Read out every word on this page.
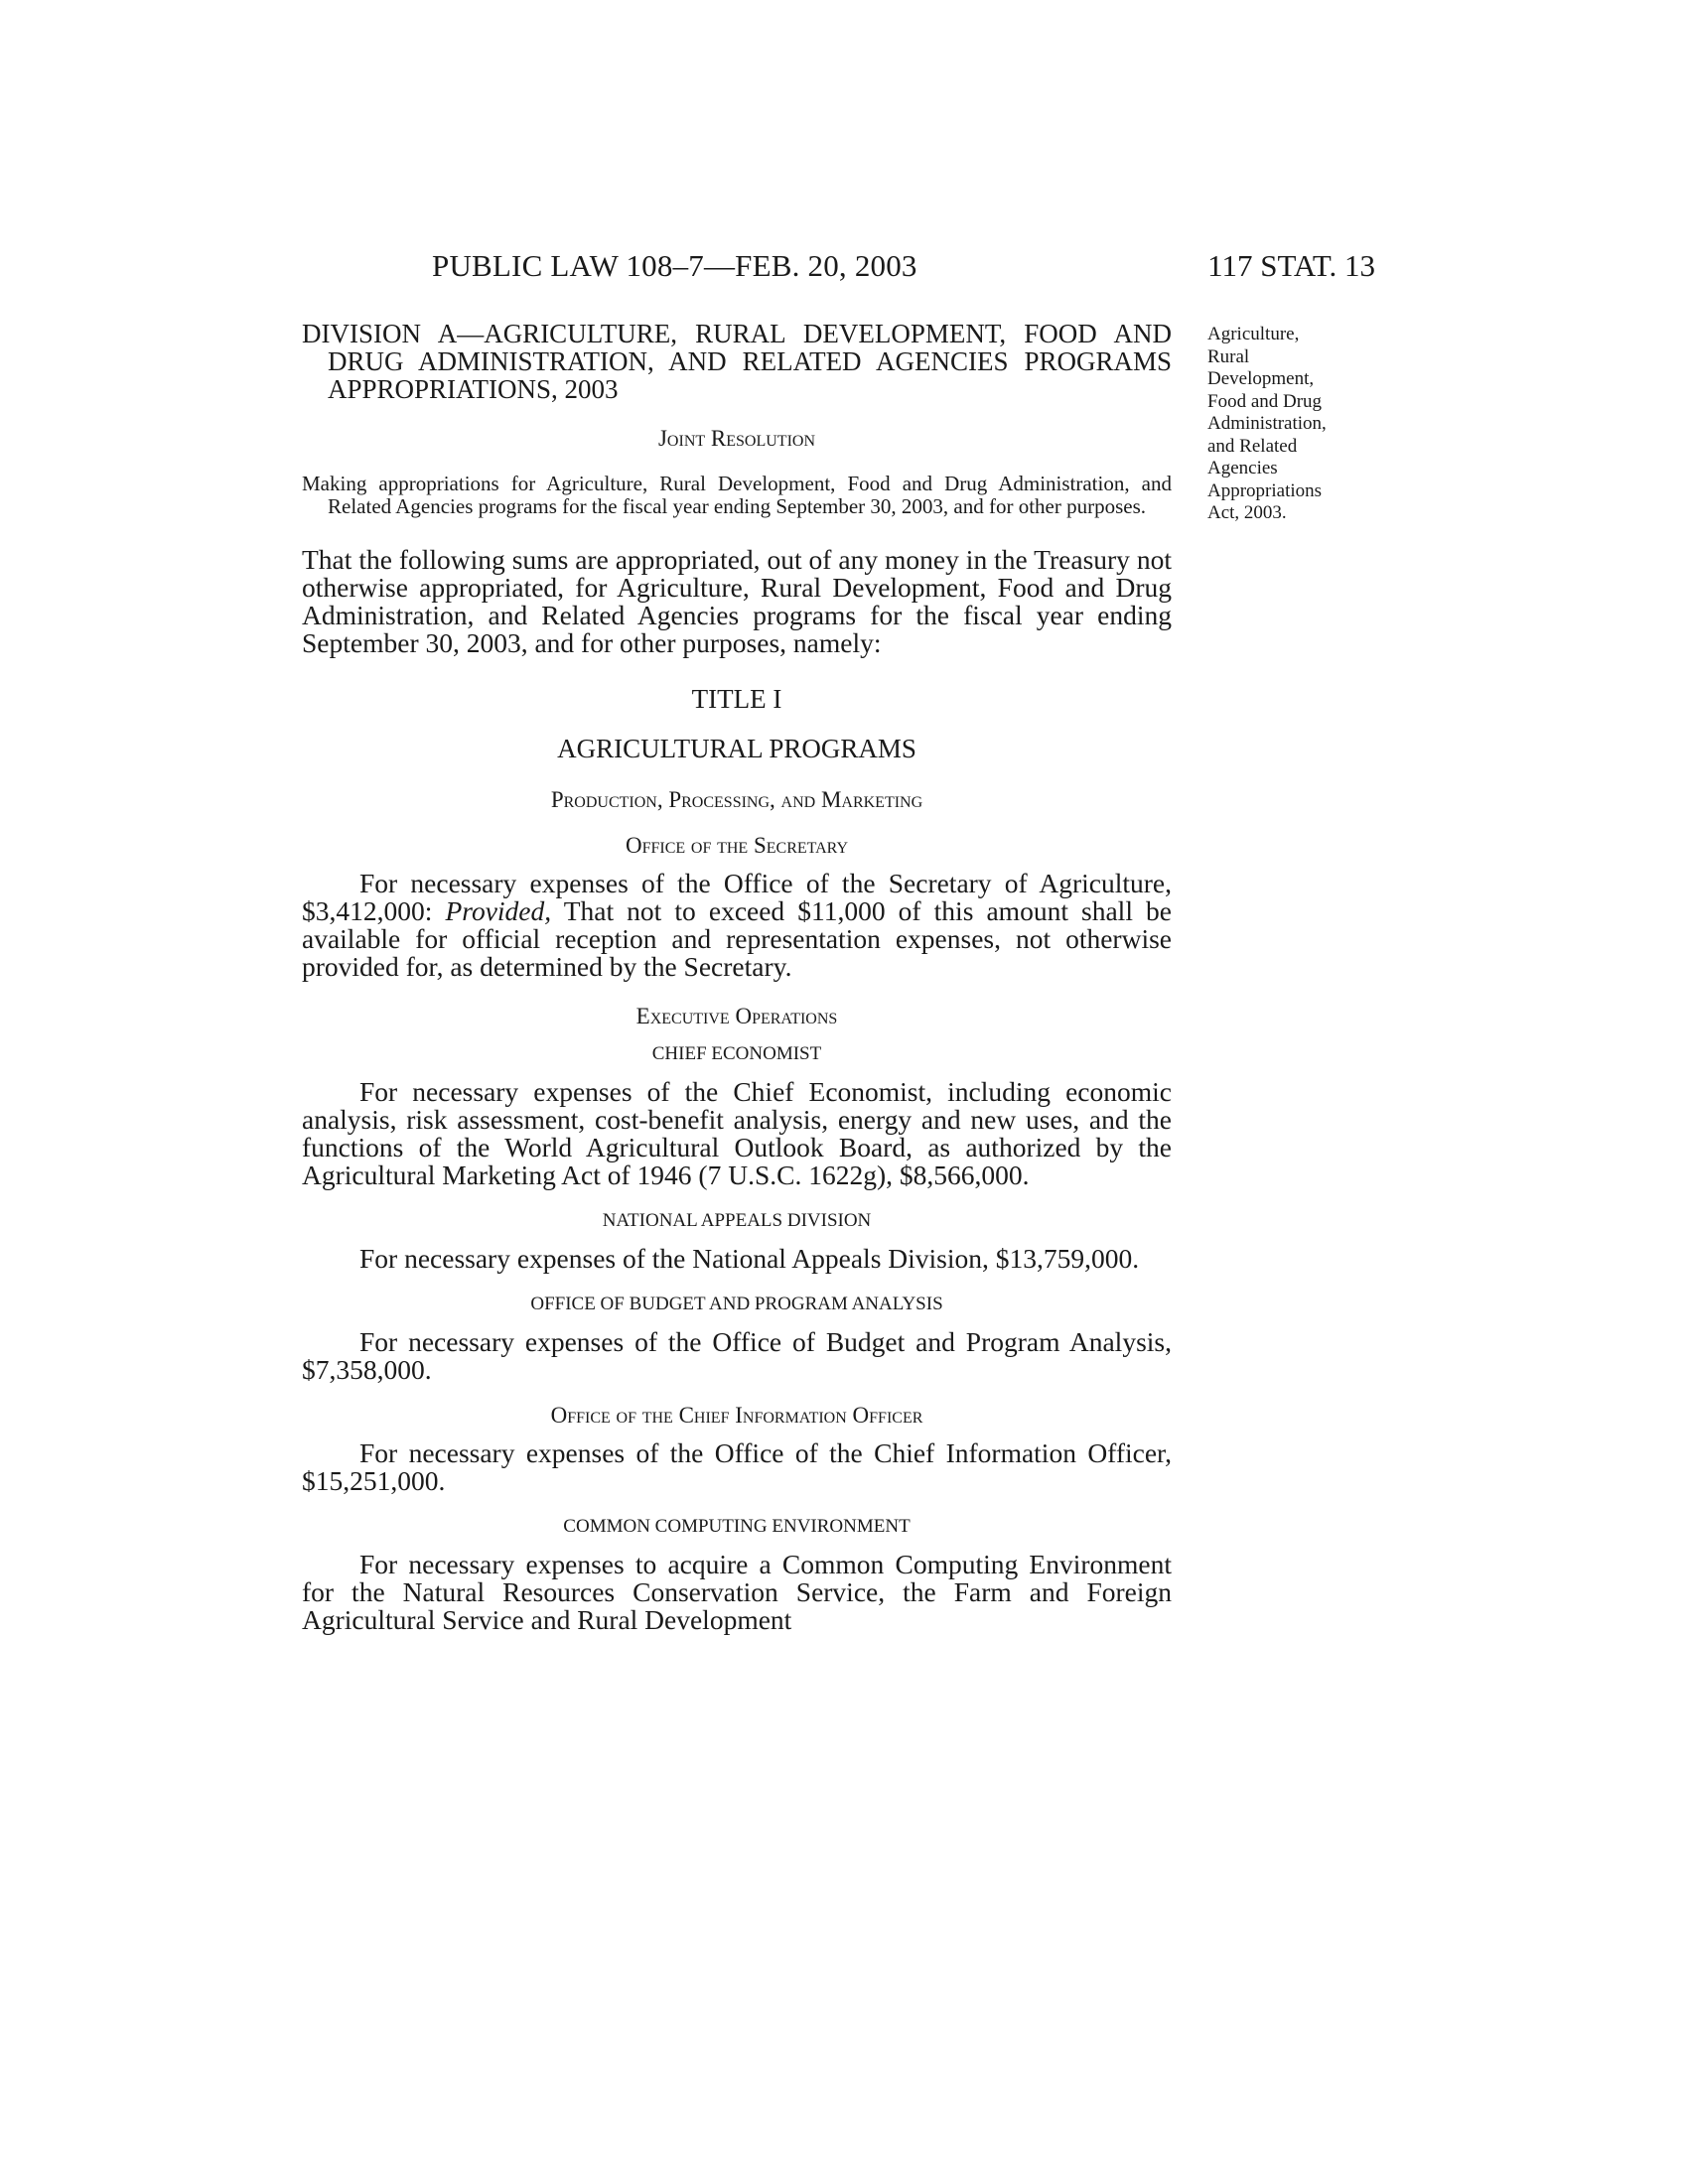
PUBLIC LAW 108–7—FEB. 20, 2003	117 STAT. 13
Agriculture,
Rural
Development,
Food and Drug
Administration,
and Related
Agencies
Appropriations
Act, 2003.

DIVISION A—AGRICULTURE, RURAL DEVELOPMENT, FOOD AND DRUG ADMINISTRATION, AND RELATED AGENCIES PROGRAMS APPROPRIATIONS, 2003

Joint Resolution

Making appropriations for Agriculture, Rural Development, Food and Drug Administration, and Related Agencies programs for the fiscal year ending September 30, 2003, and for other purposes.

That the following sums are appropriated, out of any money in the Treasury not otherwise appropriated, for Agriculture, Rural Development, Food and Drug Administration, and Related Agencies programs for the fiscal year ending September 30, 2003, and for other purposes, namely:

TITLE I

AGRICULTURAL PROGRAMS

Production, Processing, and Marketing

Office of the Secretary

For necessary expenses of the Office of the Secretary of Agriculture, $3,412,000: Provided, That not to exceed $11,000 of this amount shall be available for official reception and representation expenses, not otherwise provided for, as determined by the Secretary.

Executive Operations

CHIEF ECONOMIST

For necessary expenses of the Chief Economist, including economic analysis, risk assessment, cost-benefit analysis, energy and new uses, and the functions of the World Agricultural Outlook Board, as authorized by the Agricultural Marketing Act of 1946 (7 U.S.C. 1622g), $8,566,000.

NATIONAL APPEALS DIVISION

For necessary expenses of the National Appeals Division, $13,759,000.

OFFICE OF BUDGET AND PROGRAM ANALYSIS

For necessary expenses of the Office of Budget and Program Analysis, $7,358,000.

Office of the Chief Information Officer

For necessary expenses of the Office of the Chief Information Officer, $15,251,000.

COMMON COMPUTING ENVIRONMENT

For necessary expenses to acquire a Common Computing Environment for the Natural Resources Conservation Service, the Farm and Foreign Agricultural Service and Rural Development
